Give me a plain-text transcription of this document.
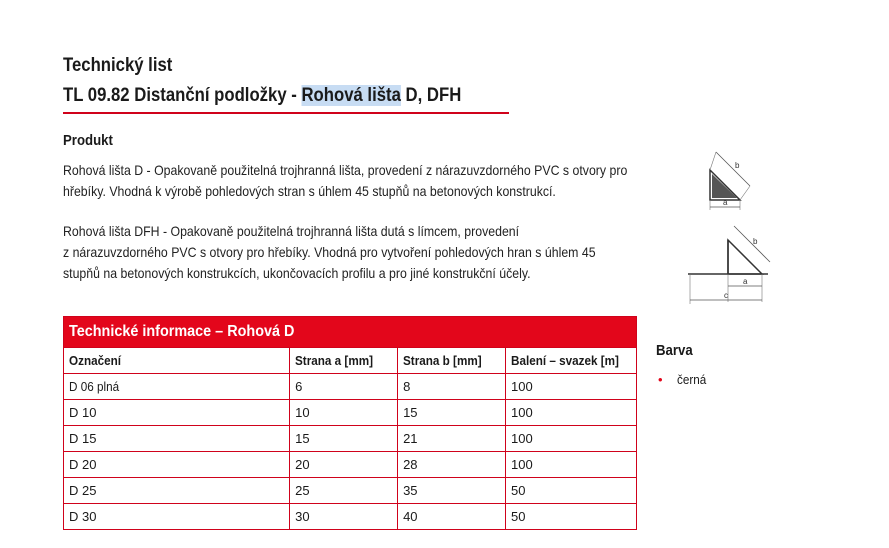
Technický list
TL 09.82 Distanční podložky - Rohová lišta D, DFH
Produkt
Rohová lišta D - Opakovaně použitelná trojhranná lišta, provedení z nárazuvzdorného PVC s otvory pro
hřebíky. Vhodná k výrobě pohledových stran s úhlem 45 stupňů na betonových konstrukcí.
Rohová lišta DFH - Opakovaně použitelná trojhranná lišta dutá s límcem, provedení
z nárazuvzdorného PVC s otvory pro hřebíky. Vhodná pro vytvoření pohledových hran s úhlem 45
stupňů na betonových konstrukcích, ukončovacích profilu a pro jiné konstrukční účely.
b
a
b
a
c
Technické informace – Rohová D			
Označení	Strana a [mm]	Strana b [mm]	Balení – svazek [m]
D 06 plná	6	8	100
D 10	10	15	100
D 15	15	21	100
D 20	20	28	100
D 25	25	35	50
D 30	30	40	50
Barva
• černá
